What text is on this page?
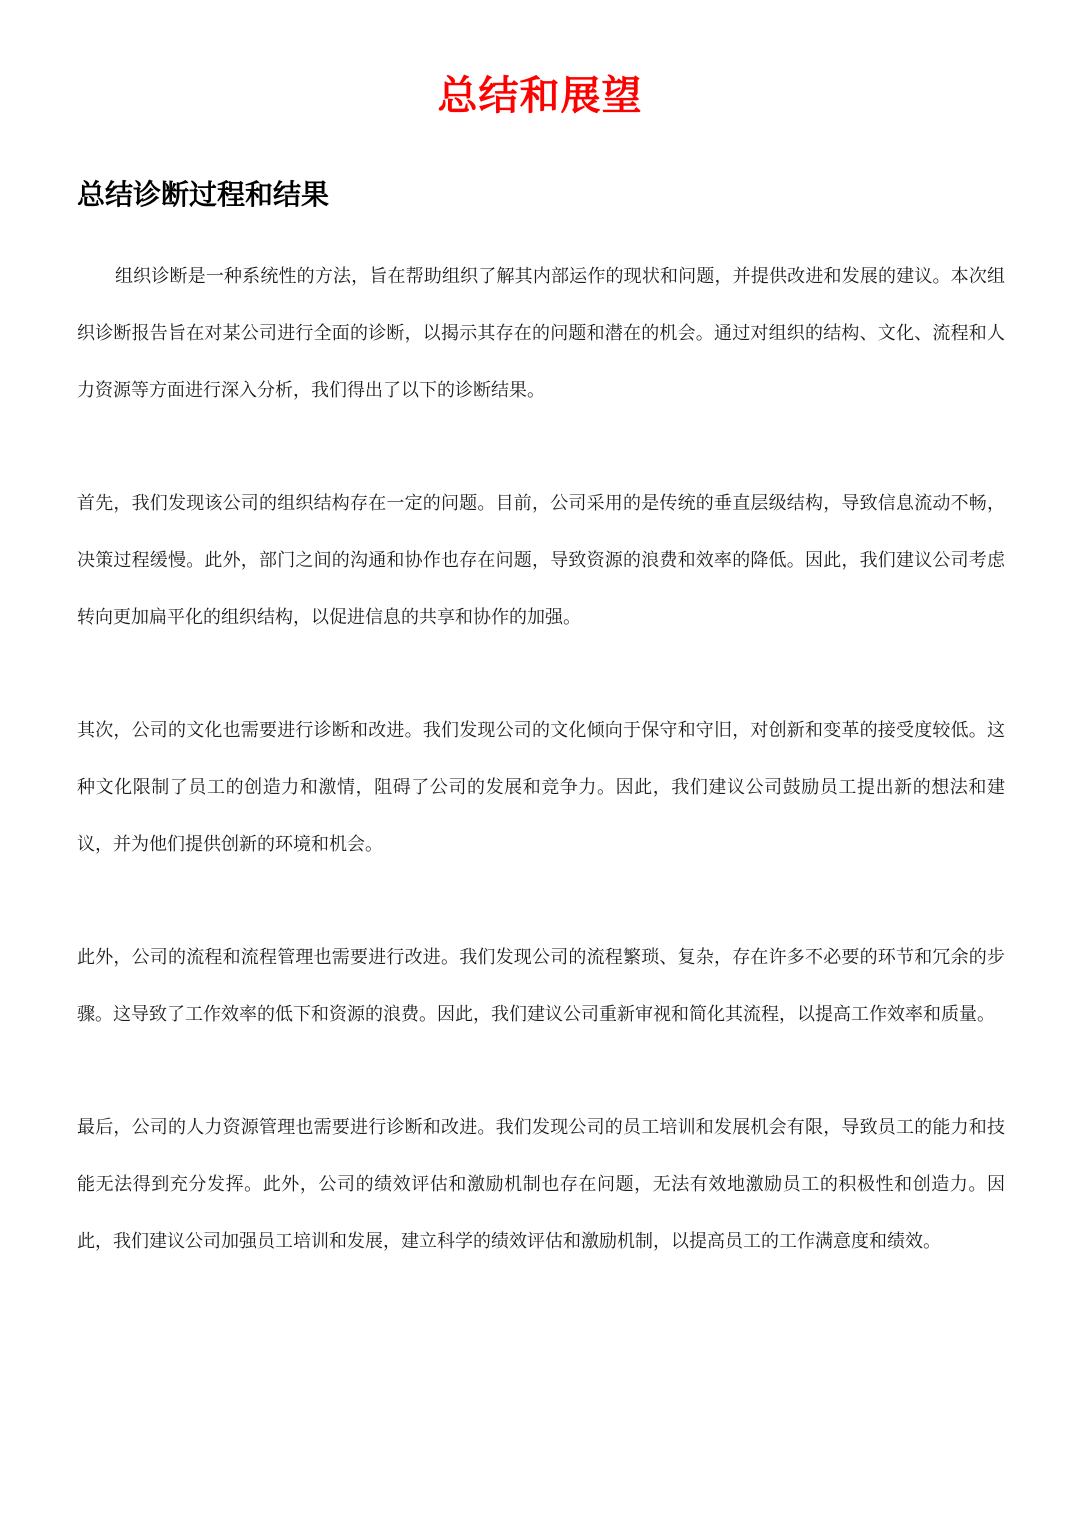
总结和展望
总结诊断过程和结果

组织诊断是一种系统性的方法，旨在帮助组织了解其内部运作的现状和问题，并提供改进和发展的建议。本次组织诊断报告旨在对某公司进行全面的诊断，以揭示其存在的问题和潜在的机会。通过对组织的结构、文化、流程和人力资源等方面进行深入分析，我们得出了以下的诊断结果。

首先，我们发现该公司的组织结构存在一定的问题。目前，公司采用的是传统的垂直层级结构，导致信息流动不畅，决策过程缓慢。此外，部门之间的沟通和协作也存在问题，导致资源的浪费和效率的降低。因此，我们建议公司考虑转向更加扁平化的组织结构，以促进信息的共享和协作的加强。

其次，公司的文化也需要进行诊断和改进。我们发现公司的文化倾向于保守和守旧，对创新和变革的接受度较低。这种文化限制了员工的创造力和激情，阻碍了公司的发展和竞争力。因此，我们建议公司鼓励员工提出新的想法和建议，并为他们提供创新的环境和机会。

此外，公司的流程和流程管理也需要进行改进。我们发现公司的流程繁琐、复杂，存在许多不必要的环节和冗余的步骤。这导致了工作效率的低下和资源的浪费。因此，我们建议公司重新审视和简化其流程，以提高工作效率和质量。

最后，公司的人力资源管理也需要进行诊断和改进。我们发现公司的员工培训和发展机会有限，导致员工的能力和技能无法得到充分发挥。此外，公司的绩效评估和激励机制也存在问题，无法有效地激励员工的积极性和创造力。因此，我们建议公司加强员工培训和发展，建立科学的绩效评估和激励机制，以提高员工的工作满意度和绩效。
